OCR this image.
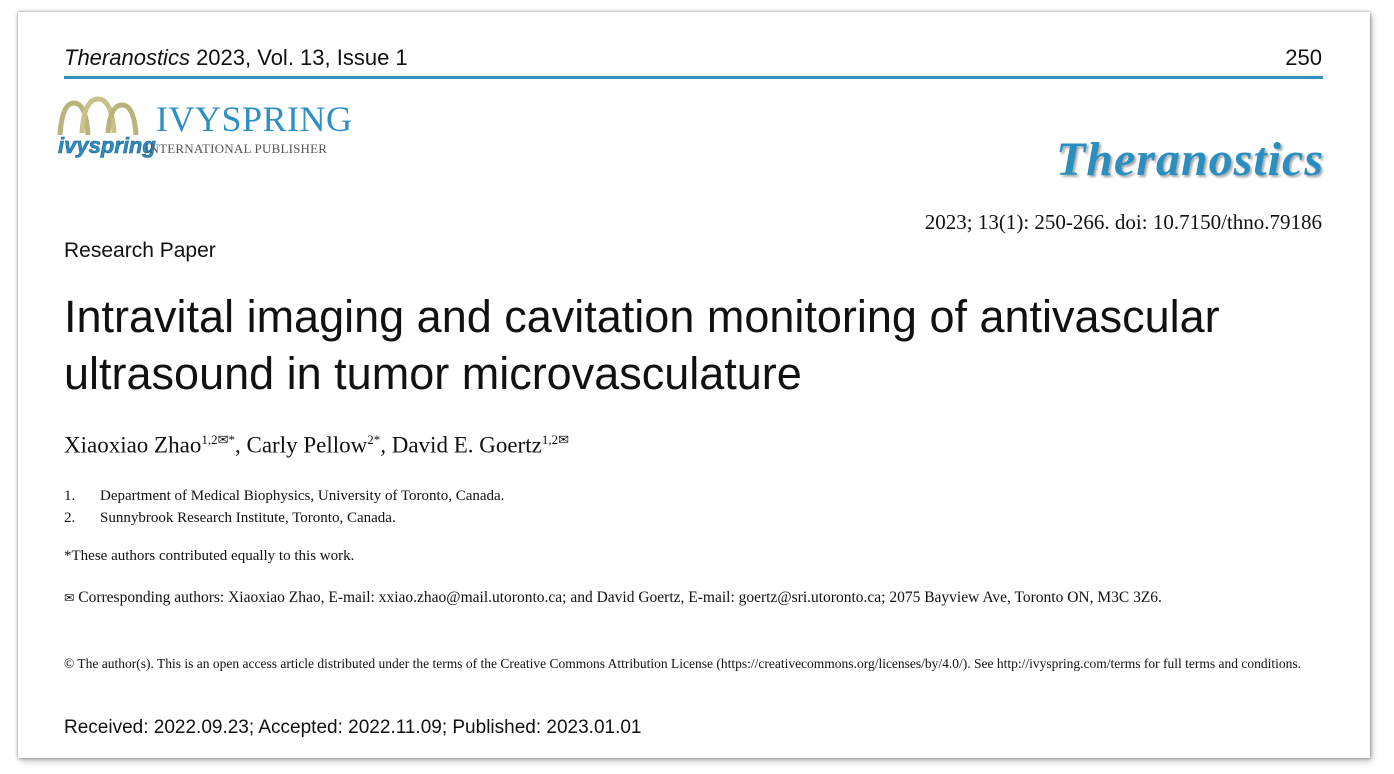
Theranostics 2023, Vol. 13, Issue 1	250
ivyspring
IVYSPRING
INTERNATIONAL PUBLISHER	Theranostics
2023; 13(1): 250-266. doi: 10.7150/thno.79186
Research Paper
Intravital imaging and cavitation monitoring of antivascular ultrasound in tumor microvasculature
Xiaoxiao Zhao$^{1,2✉*}$, Carly Pellow$^{2*}$, David E. Goertz$^{1,2✉}$
1. Department of Medical Biophysics, University of Toronto, Canada.
2. Sunnybrook Research Institute, Toronto, Canada.
*These authors contributed equally to this work.
✉ Corresponding authors: Xiaoxiao Zhao, E-mail: xxiao.zhao@mail.utoronto.ca; and David Goertz, E-mail: goertz@sri.utoronto.ca; 2075 Bayview Ave, Toronto ON, M3C 3Z6.
© The author(s). This is an open access article distributed under the terms of the Creative Commons Attribution License (https://creativecommons.org/licenses/by/4.0/). See http://ivyspring.com/terms for full terms and conditions.
Received: 2022.09.23; Accepted: 2022.11.09; Published: 2023.01.01
